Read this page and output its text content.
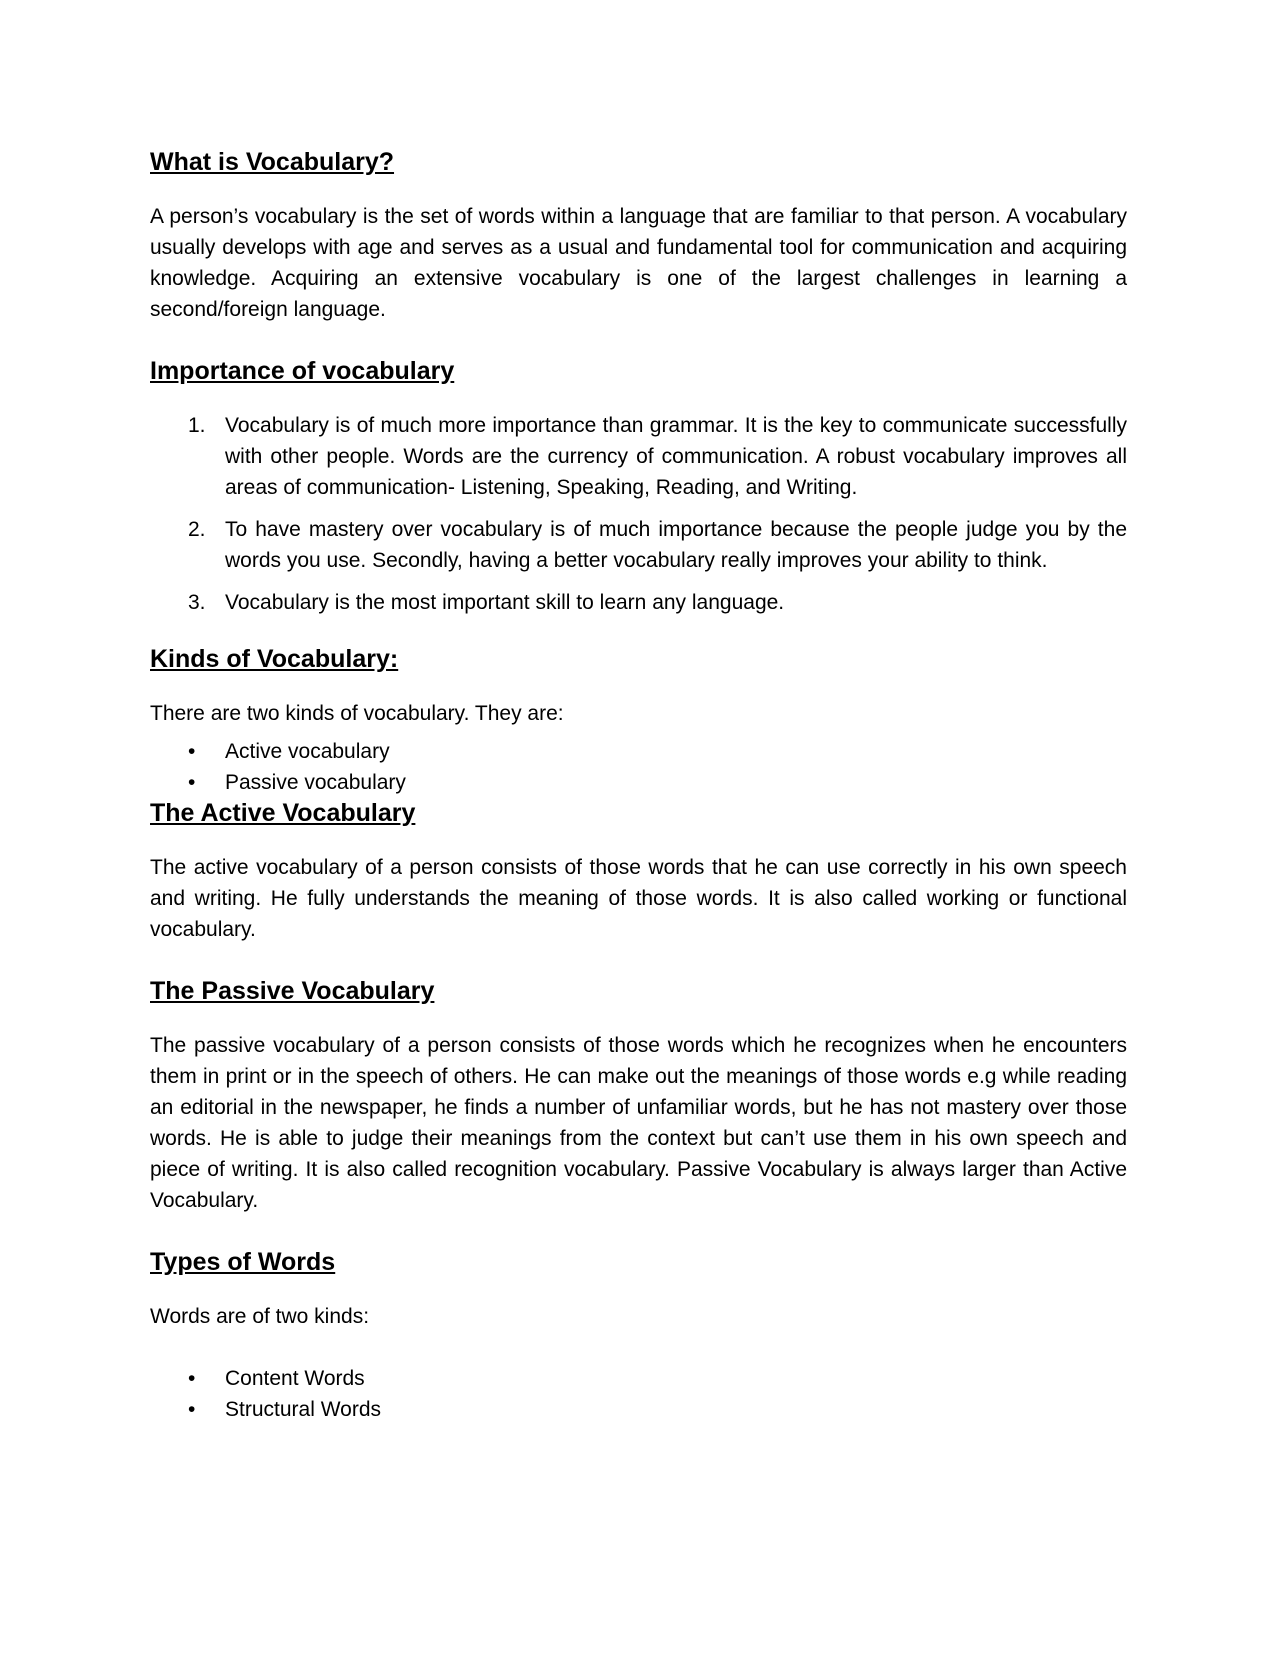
What is Vocabulary?

A person’s vocabulary is the set of words within a language that are familiar to that person. A vocabulary usually develops with age and serves as a usual and fundamental tool for communication and acquiring knowledge. Acquiring an extensive vocabulary is one of the largest challenges in learning a second/foreign language.

Importance of vocabulary
1. Vocabulary is of much more importance than grammar. It is the key to communicate successfully with other people. Words are the currency of communication. A robust vocabulary improves all areas of communication- Listening, Speaking, Reading, and Writing.
2. To have mastery over vocabulary is of much importance because the people judge you by the words you use. Secondly, having a better vocabulary really improves your ability to think.
3. Vocabulary is the most important skill to learn any language.
Kinds of Vocabulary:

There are two kinds of vocabulary. They are:

•	Active vocabulary
•	Passive vocabulary
The Active Vocabulary

The active vocabulary of a person consists of those words that he can use correctly in his own speech and writing. He fully understands the meaning of those words. It is also called working or functional vocabulary.

The Passive Vocabulary

The passive vocabulary of a person consists of those words which he recognizes when he encounters them in print or in the speech of others. He can make out the meanings of those words e.g while reading an editorial in the newspaper, he finds a number of unfamiliar words, but he has not mastery over those words. He is able to judge their meanings from the context but can’t use them in his own speech and piece of writing. It is also called recognition vocabulary. Passive Vocabulary is always larger than Active Vocabulary.

Types of Words

Words are of two kinds:

•	Content Words
•	Structural Words
